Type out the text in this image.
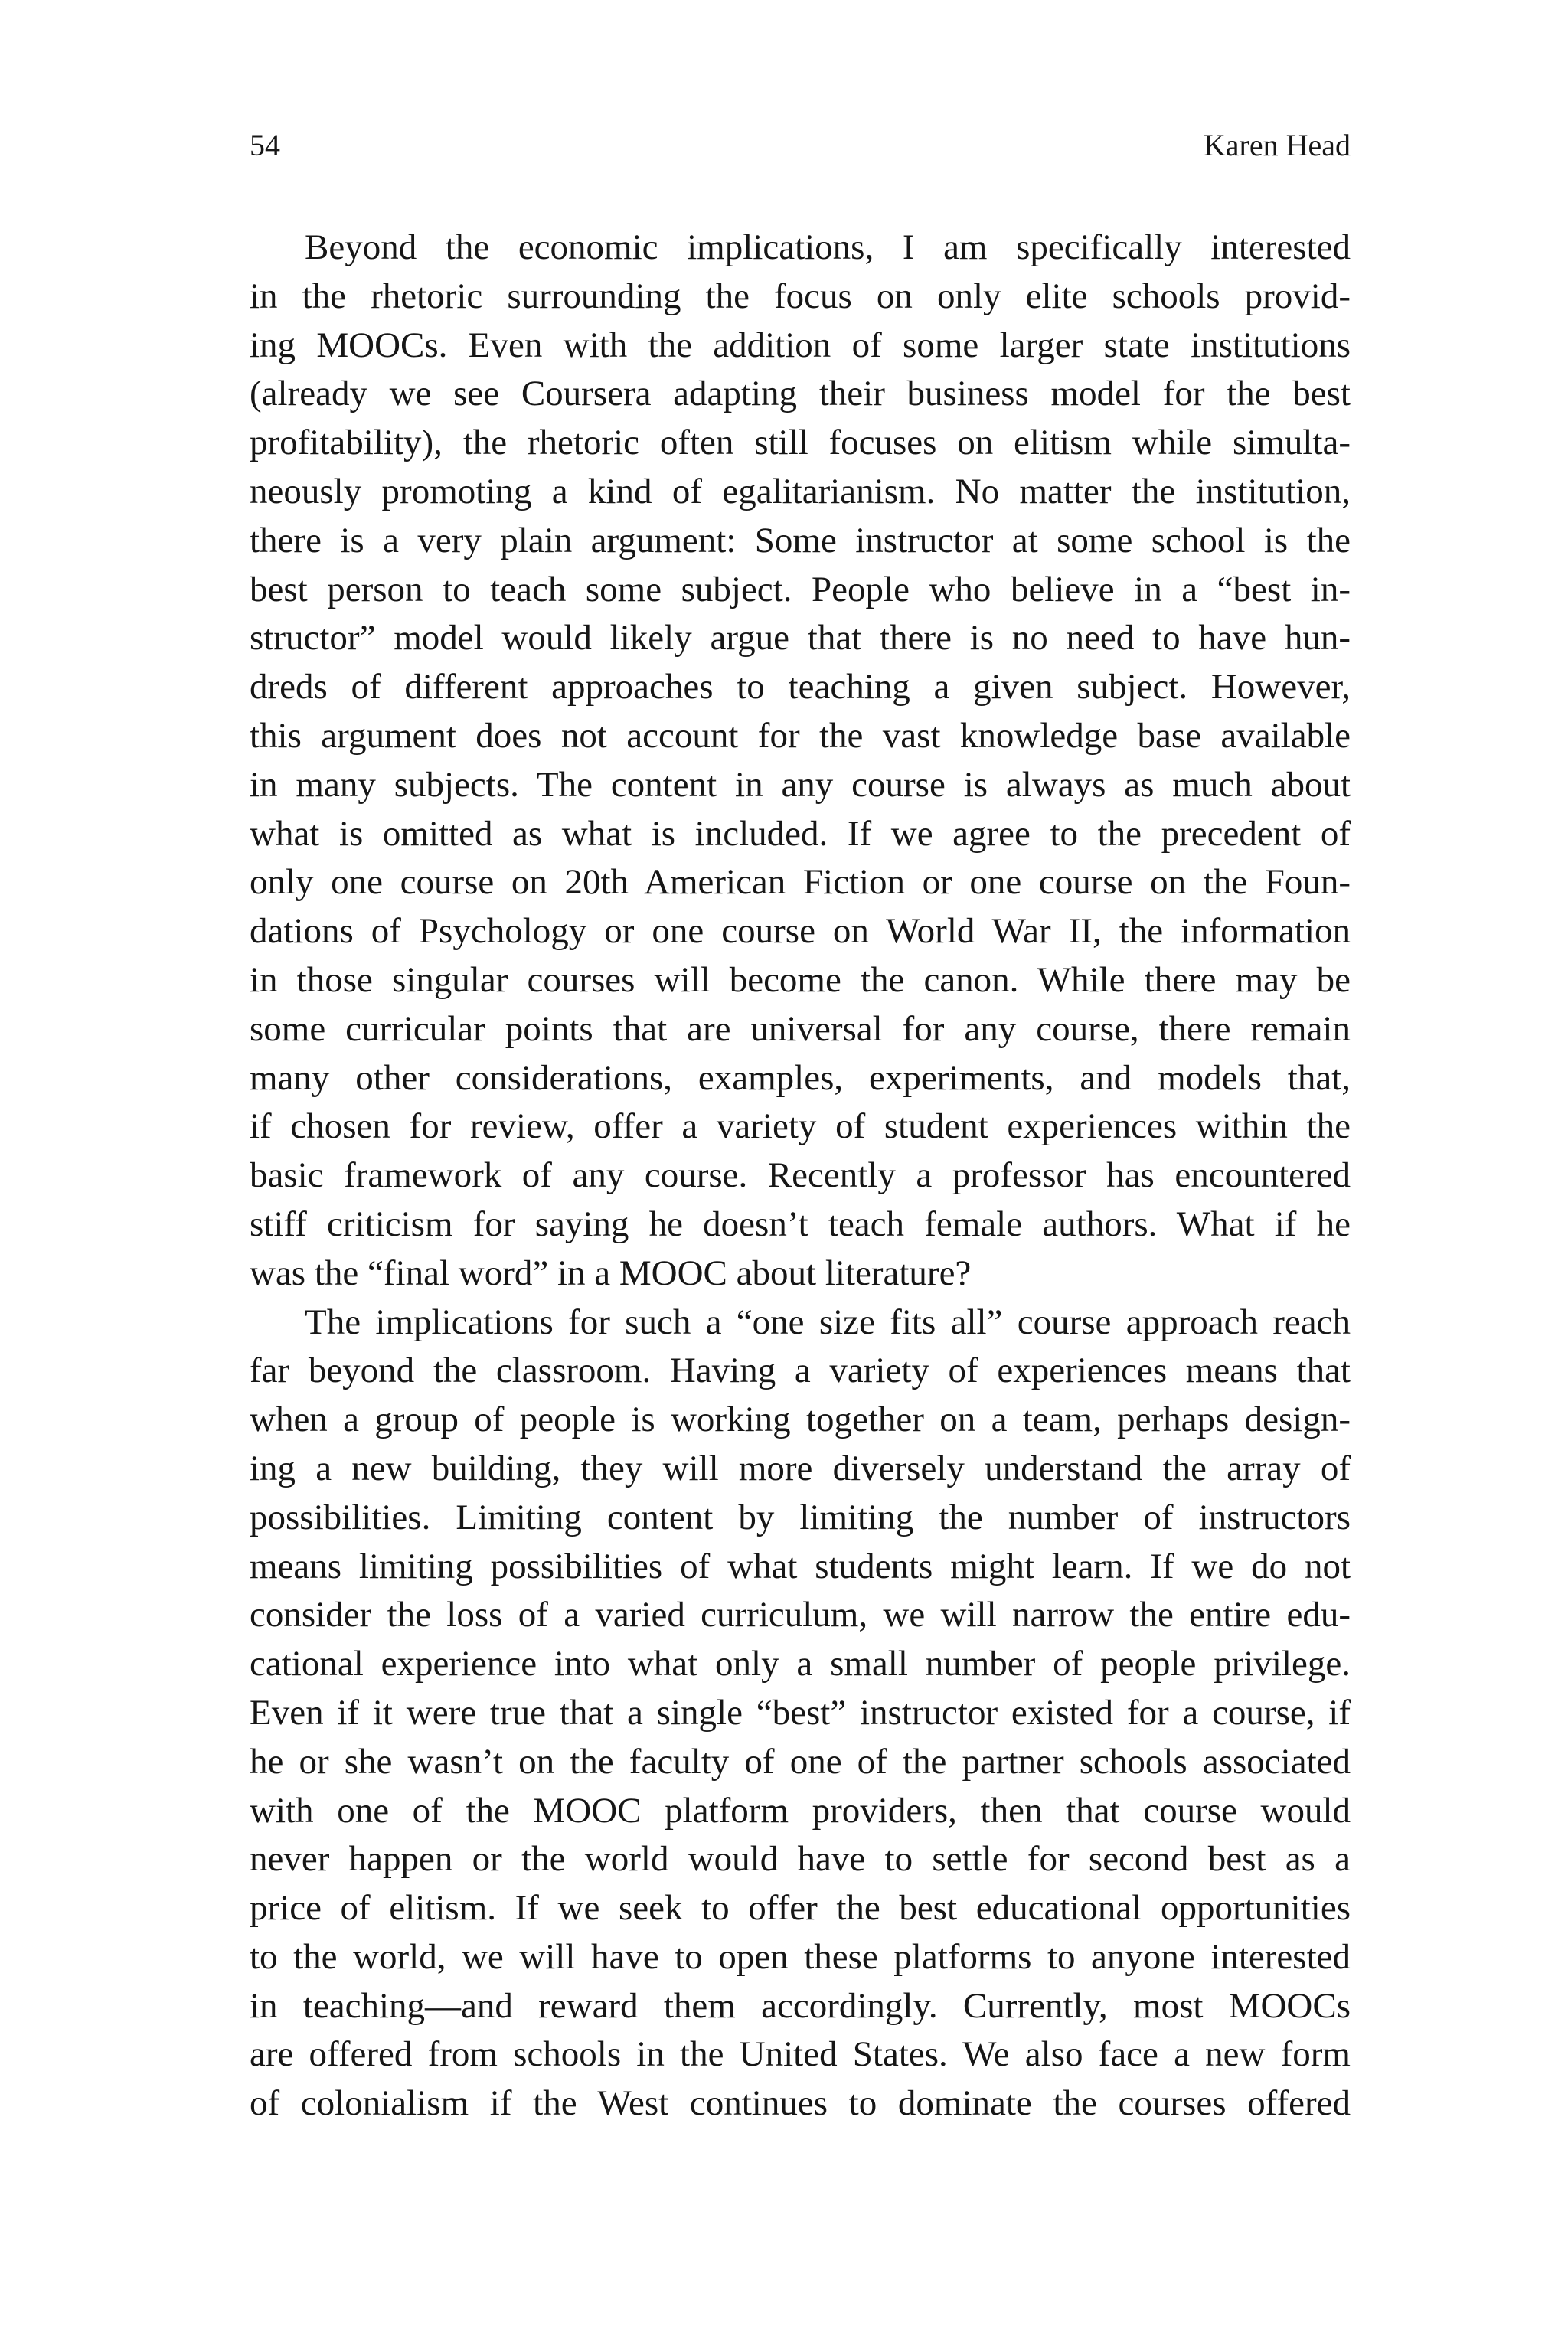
54	Karen Head
Beyond the economic implications, I am specifically interested
in the rhetoric surrounding the focus on only elite schools provid-
ing MOOCs. Even with the addition of some larger state institutions
(already we see Coursera adapting their business model for the best
profitability), the rhetoric often still focuses on elitism while simulta-
neously promoting a kind of egalitarianism. No matter the institution,
there is a very plain argument: Some instructor at some school is the
best person to teach some subject. People who believe in a “best in-
structor” model would likely argue that there is no need to have hun-
dreds of different approaches to teaching a given subject. However,
this argument does not account for the vast knowledge base available
in many subjects. The content in any course is always as much about
what is omitted as what is included. If we agree to the precedent of
only one course on 20th American Fiction or one course on the Foun-
dations of Psychology or one course on World War II, the information
in those singular courses will become the canon. While there may be
some curricular points that are universal for any course, there remain
many other considerations, examples, experiments, and models that,
if chosen for review, offer a variety of student experiences within the
basic framework of any course. Recently a professor has encountered
stiff criticism for saying he doesn’t teach female authors. What if he
was the “final word” in a MOOC about literature?
The implications for such a “one size fits all” course approach reach
far beyond the classroom. Having a variety of experiences means that
when a group of people is working together on a team, perhaps design-
ing a new building, they will more diversely understand the array of
possibilities. Limiting content by limiting the number of instructors
means limiting possibilities of what students might learn. If we do not
consider the loss of a varied curriculum, we will narrow the entire edu-
cational experience into what only a small number of people privilege.
Even if it were true that a single “best” instructor existed for a course, if
he or she wasn’t on the faculty of one of the partner schools associated
with one of the MOOC platform providers, then that course would
never happen or the world would have to settle for second best as a
price of elitism. If we seek to offer the best educational opportunities
to the world, we will have to open these platforms to anyone interested
in teaching—and reward them accordingly. Currently, most MOOCs
are offered from schools in the United States. We also face a new form
of colonialism if the West continues to dominate the courses offered
